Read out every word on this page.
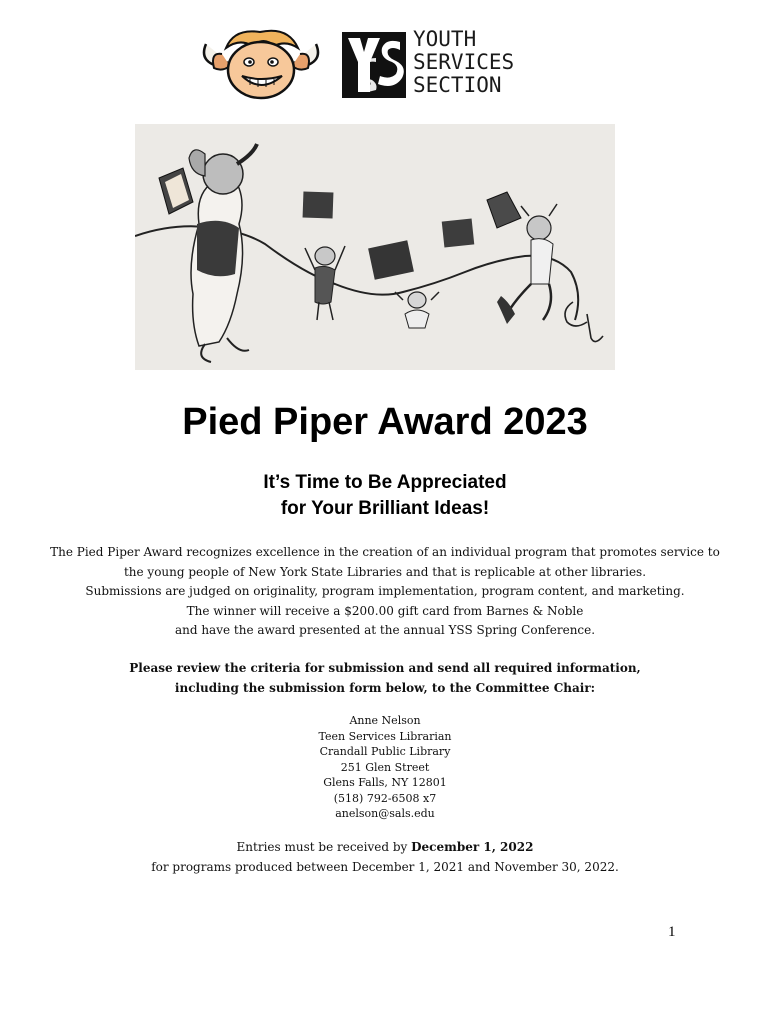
YOUTH
SERVICES
SECTION
Pied Piper Award 2023
It’s Time to Be Appreciated
for Your Brilliant Ideas!
The Pied Piper Award recognizes excellence in the creation of an individual program that promotes service to
the young people of New York State Libraries and that is replicable at other libraries.
Submissions are judged on originality, program implementation, program content, and marketing.
The winner will receive a $200.00 gift card from Barnes & Noble
and have the award presented at the annual YSS Spring Conference.
Please review the criteria for submission and send all required information,
including the submission form below, to the Committee Chair:
Anne Nelson
Teen Services Librarian
Crandall Public Library
251 Glen Street
Glens Falls, NY 12801
(518) 792-6508 x7
anelson@sals.edu
Entries must be received by December 1, 2022
for programs produced between December 1, 2021 and November 30, 2022.
1
